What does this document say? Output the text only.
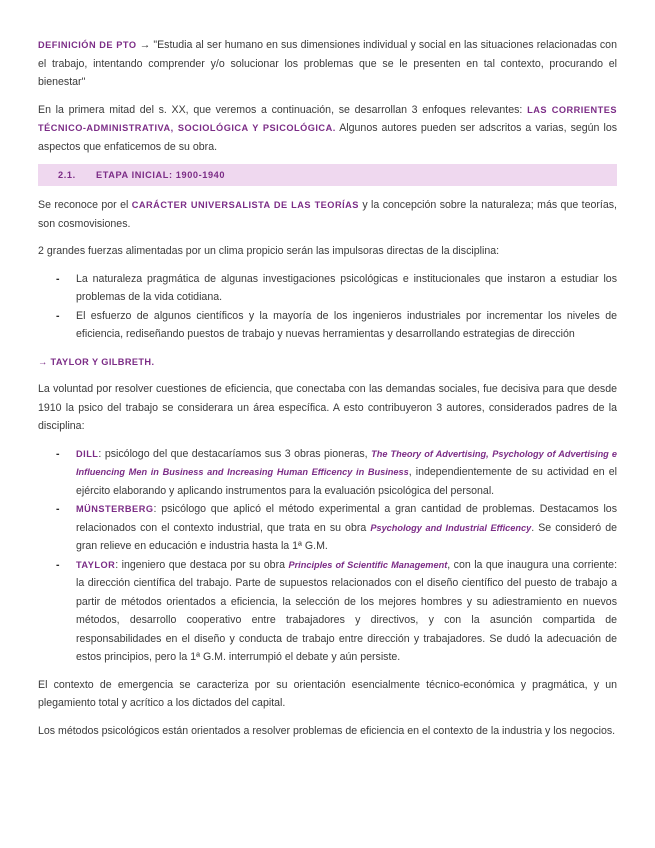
DEFINICIÓN DE PTO → "Estudia al ser humano en sus dimensiones individual y social en las situaciones relacionadas con el trabajo, intentando comprender y/o solucionar los problemas que se le presenten en tal contexto, procurando el bienestar"

En la primera mitad del s. XX, que veremos a continuación, se desarrollan 3 enfoques relevantes: LAS CORRIENTES TÉCNICO-ADMINISTRATIVA, SOCIOLÓGICA Y PSICOLÓGICA. Algunos autores pueden ser adscritos a varias, según los aspectos que enfaticemos de su obra.

2.1.	ETAPA INICIAL: 1900-1940

Se reconoce por el CARÁCTER UNIVERSALISTA DE LAS TEORÍAS y la concepción sobre la naturaleza; más que teorías, son cosmovisiones.

2 grandes fuerzas alimentadas por un clima propicio serán las impulsoras directas de la disciplina:

- La naturaleza pragmática de algunas investigaciones psicológicas e institucionales que instaron a estudiar los problemas de la vida cotidiana.
- El esfuerzo de algunos científicos y la mayoría de los ingenieros industriales por incrementar los niveles de eficiencia, rediseñando puestos de trabajo y nuevas herramientas y desarrollando estrategias de dirección

→ TAYLOR Y GILBRETH.

La voluntad por resolver cuestiones de eficiencia, que conectaba con las demandas sociales, fue decisiva para que desde 1910 la psico del trabajo se considerara un área específica. A esto contribuyeron 3 autores, considerados padres de la disciplina:

- DILL: psicólogo del que destacaríamos sus 3 obras pioneras, The Theory of Advertising, Psychology of Advertising e Influencing Men in Business and Increasing Human Efficency in Business, independientemente de su actividad en el ejército elaborando y aplicando instrumentos para la evaluación psicológica del personal.
- MÜNSTERBERG: psicólogo que aplicó el método experimental a gran cantidad de problemas. Destacamos los relacionados con el contexto industrial, que trata en su obra Psychology and Industrial Efficency. Se consideró de gran relieve en educación e industria hasta la 1ª G.M.
- TAYLOR: ingeniero que destaca por su obra Principles of Scientific Management, con la que inaugura una corriente: la dirección científica del trabajo. Parte de supuestos relacionados con el diseño científico del puesto de trabajo a partir de métodos orientados a eficiencia, la selección de los mejores hombres y su adiestramiento en nuevos métodos, desarrollo cooperativo entre trabajadores y directivos, y con la asunción compartida de responsabilidades en el diseño y conducta de trabajo entre dirección y trabajadores. Se dudó la adecuación de estos principios, pero la 1ª G.M. interrumpió el debate y aún persiste.

El contexto de emergencia se caracteriza por su orientación esencialmente técnico-económica y pragmática, y un plegamiento total y acrítico a los dictados del capital.

Los métodos psicológicos están orientados a resolver problemas de eficiencia en el contexto de la industria y los negocios.
